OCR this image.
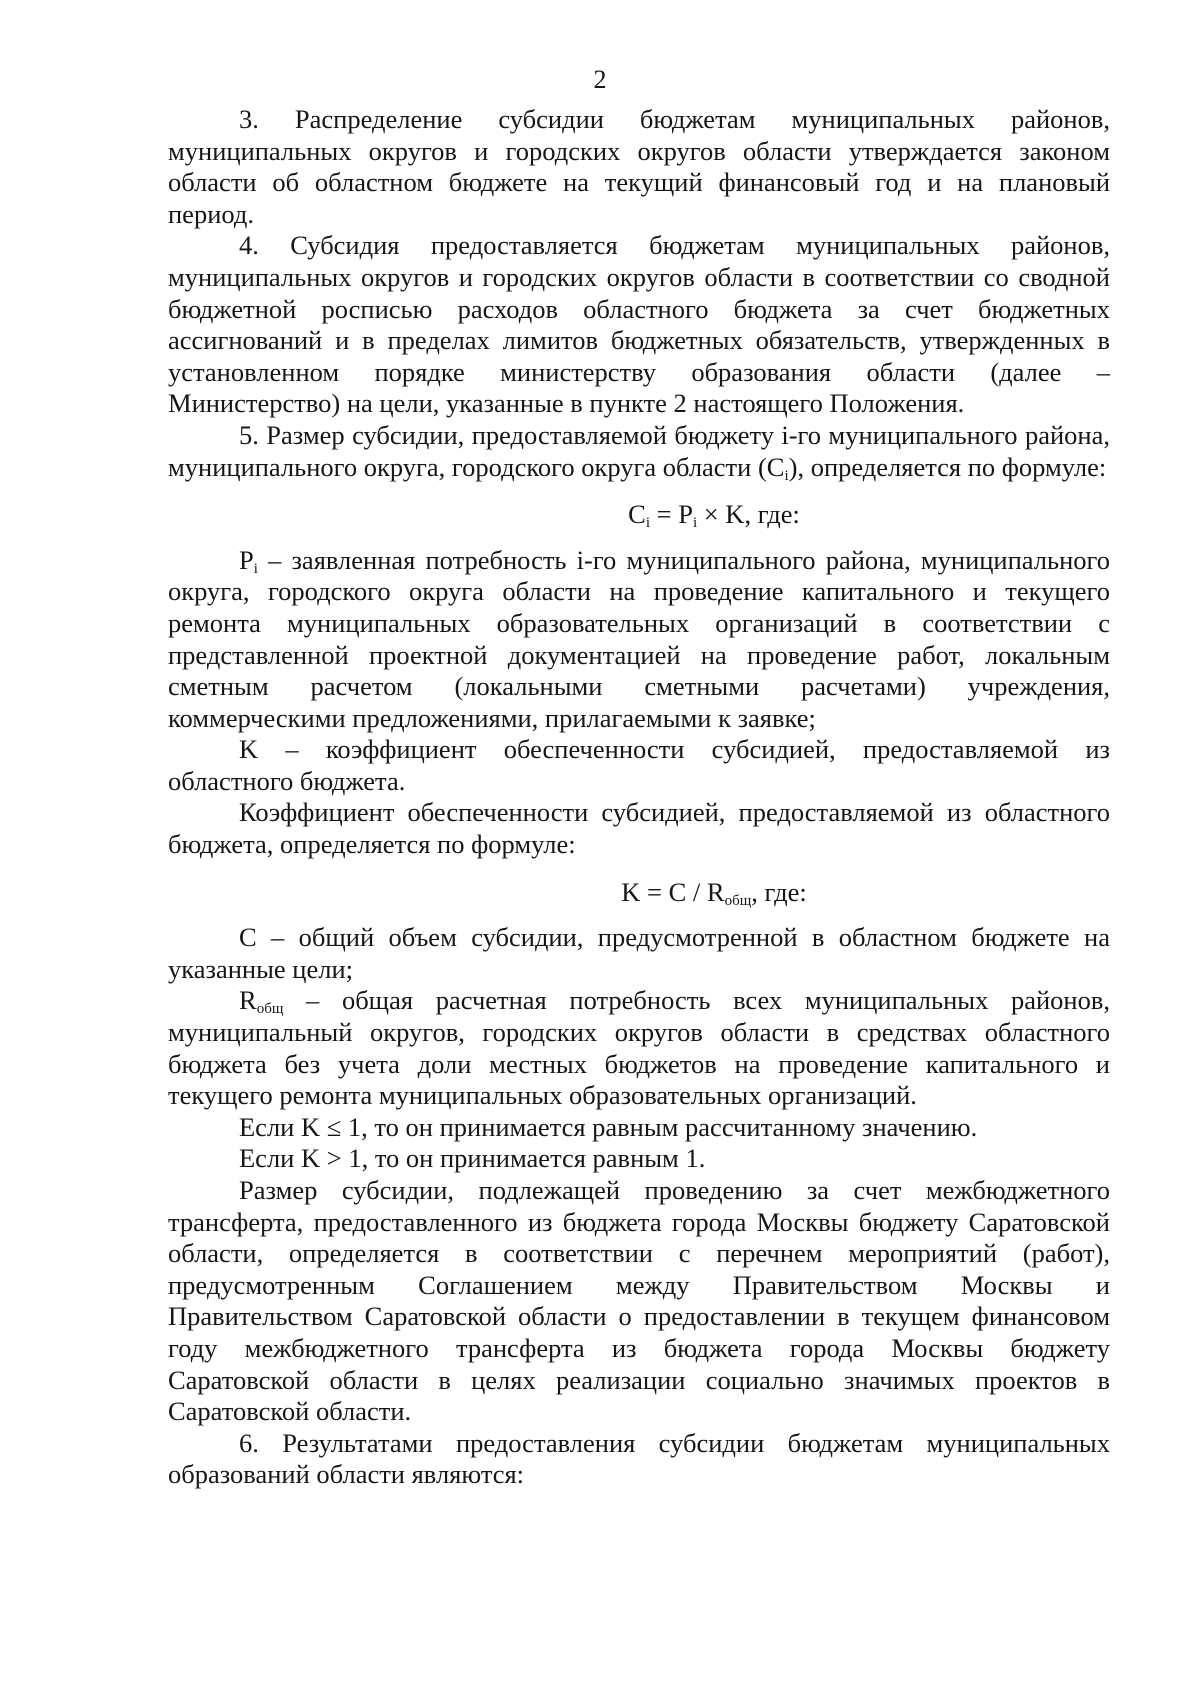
2

3. Распределение субсидии бюджетам муниципальных районов, муниципальных округов и городских округов области утверждается законом области об областном бюджете на текущий финансовый год и на плановый период.

4. Субсидия предоставляется бюджетам муниципальных районов, муниципальных округов и городских округов области в соответствии со сводной бюджетной росписью расходов областного бюджета за счет бюджетных ассигнований и в пределах лимитов бюджетных обязательств, утвержденных в установленном порядке министерству образования области (далее – Министерство) на цели, указанные в пункте 2 настоящего Положения.

5. Размер субсидии, предоставляемой бюджету i-го муниципального района, муниципального округа, городского округа области $(C_i)$, определяется по формуле:

$C_i = P_i \times K$, где:

$P_i$ – заявленная потребность i-го муниципального района, муниципального округа, городского округа области на проведение капитального и текущего ремонта муниципальных образовательных организаций в соответствии с представленной проектной документацией на проведение работ, локальным сметным расчетом (локальными сметными расчетами) учреждения, коммерческими предложениями, прилагаемыми к заявке;

K – коэффициент обеспеченности субсидией, предоставляемой из областного бюджета.

Коэффициент обеспеченности субсидией, предоставляемой из областного бюджета, определяется по формуле:

$K = C / R_{общ}$, где:

C – общий объем субсидии, предусмотренной в областном бюджете на указанные цели;

$R_{общ}$ – общая расчетная потребность всех муниципальных районов, муниципальный округов, городских округов области в средствах областного бюджета без учета доли местных бюджетов на проведение капитального и текущего ремонта муниципальных образовательных организаций.

Если K ≤ 1, то он принимается равным рассчитанному значению.

Если K > 1, то он принимается равным 1.

Размер субсидии, подлежащей проведению за счет межбюджетного трансферта, предоставленного из бюджета города Москвы бюджету Саратовской области, определяется в соответствии с перечнем мероприятий (работ), предусмотренным Соглашением между Правительством Москвы и Правительством Саратовской области о предоставлении в текущем финансовом году межбюджетного трансферта из бюджета города Москвы бюджету Саратовской области в целях реализации социально значимых проектов в Саратовской области.

6. Результатами предоставления субсидии бюджетам муниципальных образований области являются:
